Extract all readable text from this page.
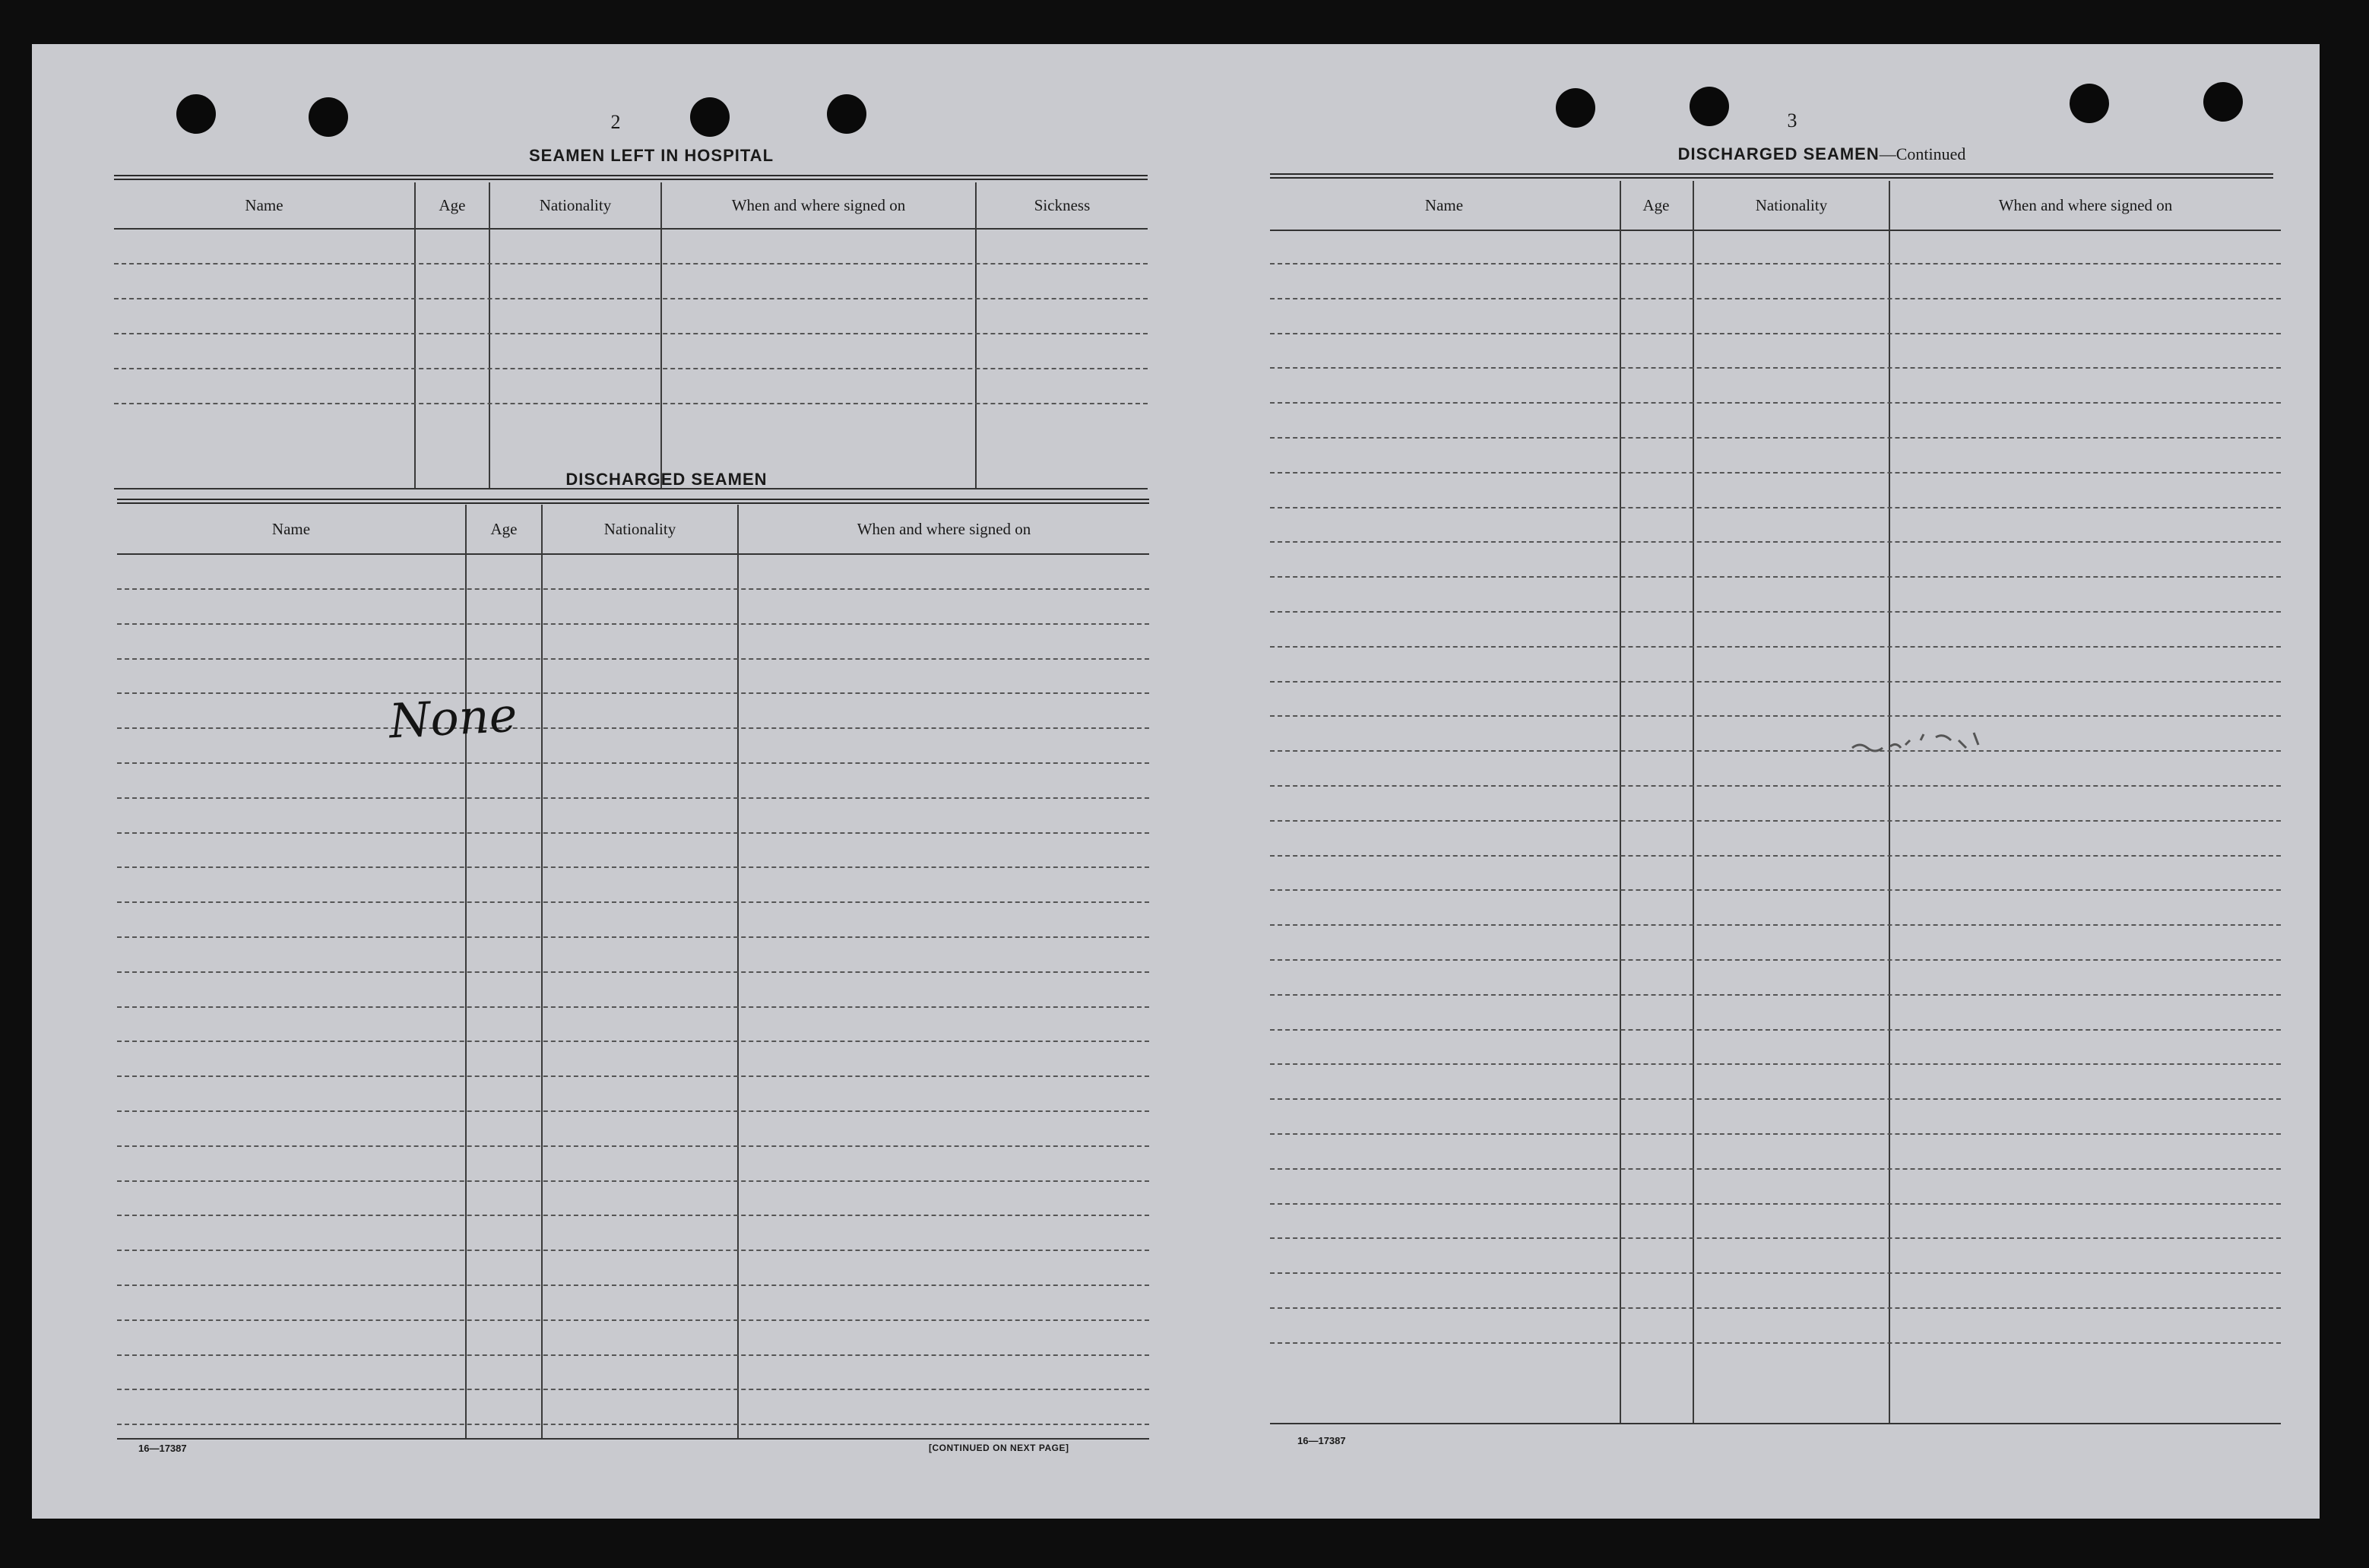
2
SEAMEN LEFT IN HOSPITAL
Name	Age	Nationality	When and where signed on	Sickness
DISCHARGED SEAMEN
Name	Age	Nationality	When and where signed on
None
16—17387	[CONTINUED ON NEXT PAGE]
3
DISCHARGED SEAMEN—Continued
Name	Age	Nationality	When and where signed on
16—17387
